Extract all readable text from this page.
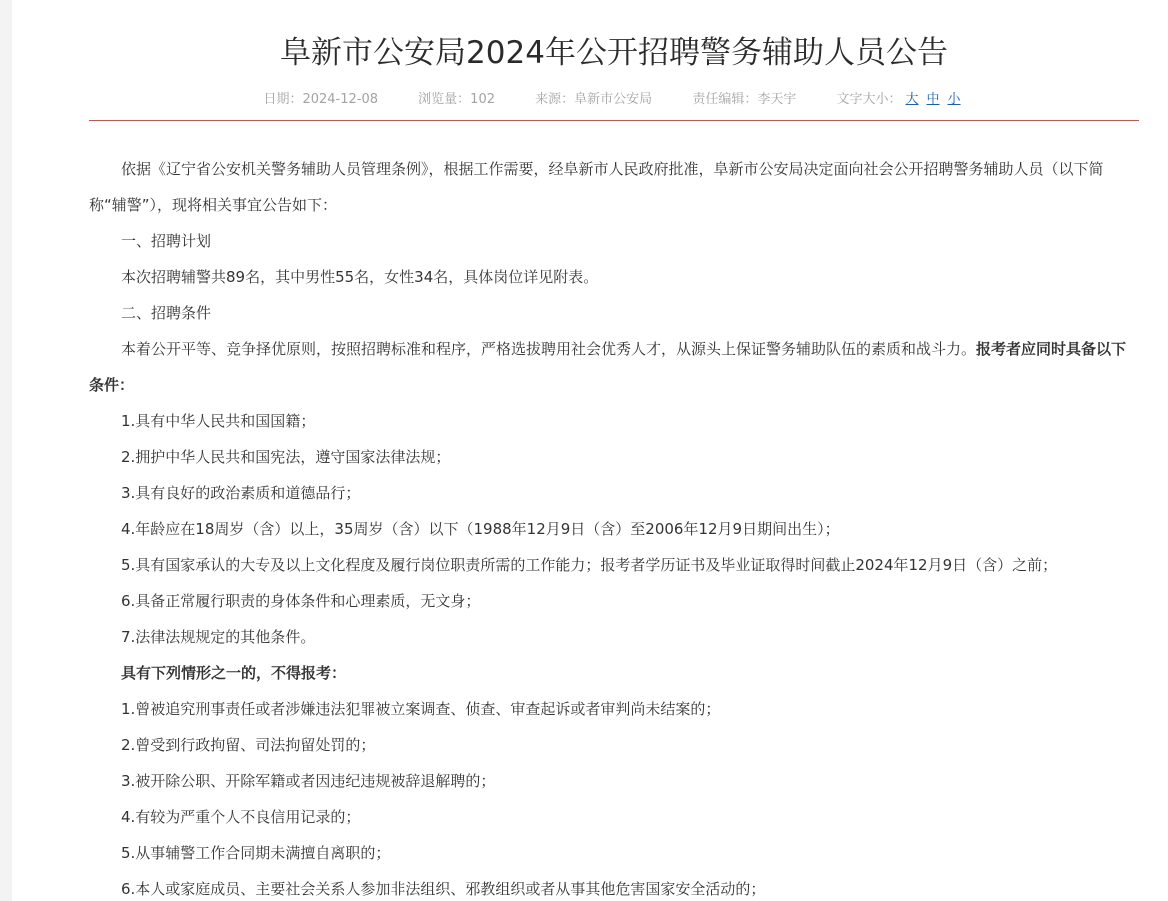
阜新市公安局2024年公开招聘警务辅助人员公告
日期：2024-12-08	浏览量：102	来源：阜新市公安局	责任编辑：李天宇	文字大小： 大 中 小

依据《辽宁省公安机关警务辅助人员管理条例》，根据工作需要，经阜新市人民政府批准，阜新市公安局决定面向社会公开招聘警务辅助人员（以下简称“辅警”），现将相关事宜公告如下：

一、招聘计划

本次招聘辅警共89名，其中男性55名，女性34名，具体岗位详见附表。

二、招聘条件

本着公开平等、竞争择优原则，按照招聘标准和程序，严格选拔聘用社会优秀人才，从源头上保证警务辅助队伍的素质和战斗力。报考者应同时具备以下条件：

1.具有中华人民共和国国籍；

2.拥护中华人民共和国宪法，遵守国家法律法规；

3.具有良好的政治素质和道德品行；

4.年龄应在18周岁（含）以上，35周岁（含）以下（1988年12月9日（含）至2006年12月9日期间出生）；

5.具有国家承认的大专及以上文化程度及履行岗位职责所需的工作能力；报考者学历证书及毕业证取得时间截止2024年12月9日（含）之前；

6.具备正常履行职责的身体条件和心理素质，无文身；

7.法律法规规定的其他条件。

具有下列情形之一的，不得报考：

1.曾被追究刑事责任或者涉嫌违法犯罪被立案调查、侦查、审查起诉或者审判尚未结案的；

2.曾受到行政拘留、司法拘留处罚的；

3.被开除公职、开除军籍或者因违纪违规被辞退解聘的；

4.有较为严重个人不良信用记录的；

5.从事辅警工作合同期未满擅自离职的；

6.本人或家庭成员、主要社会关系人参加非法组织、邪教组织或者从事其他危害国家安全活动的；
